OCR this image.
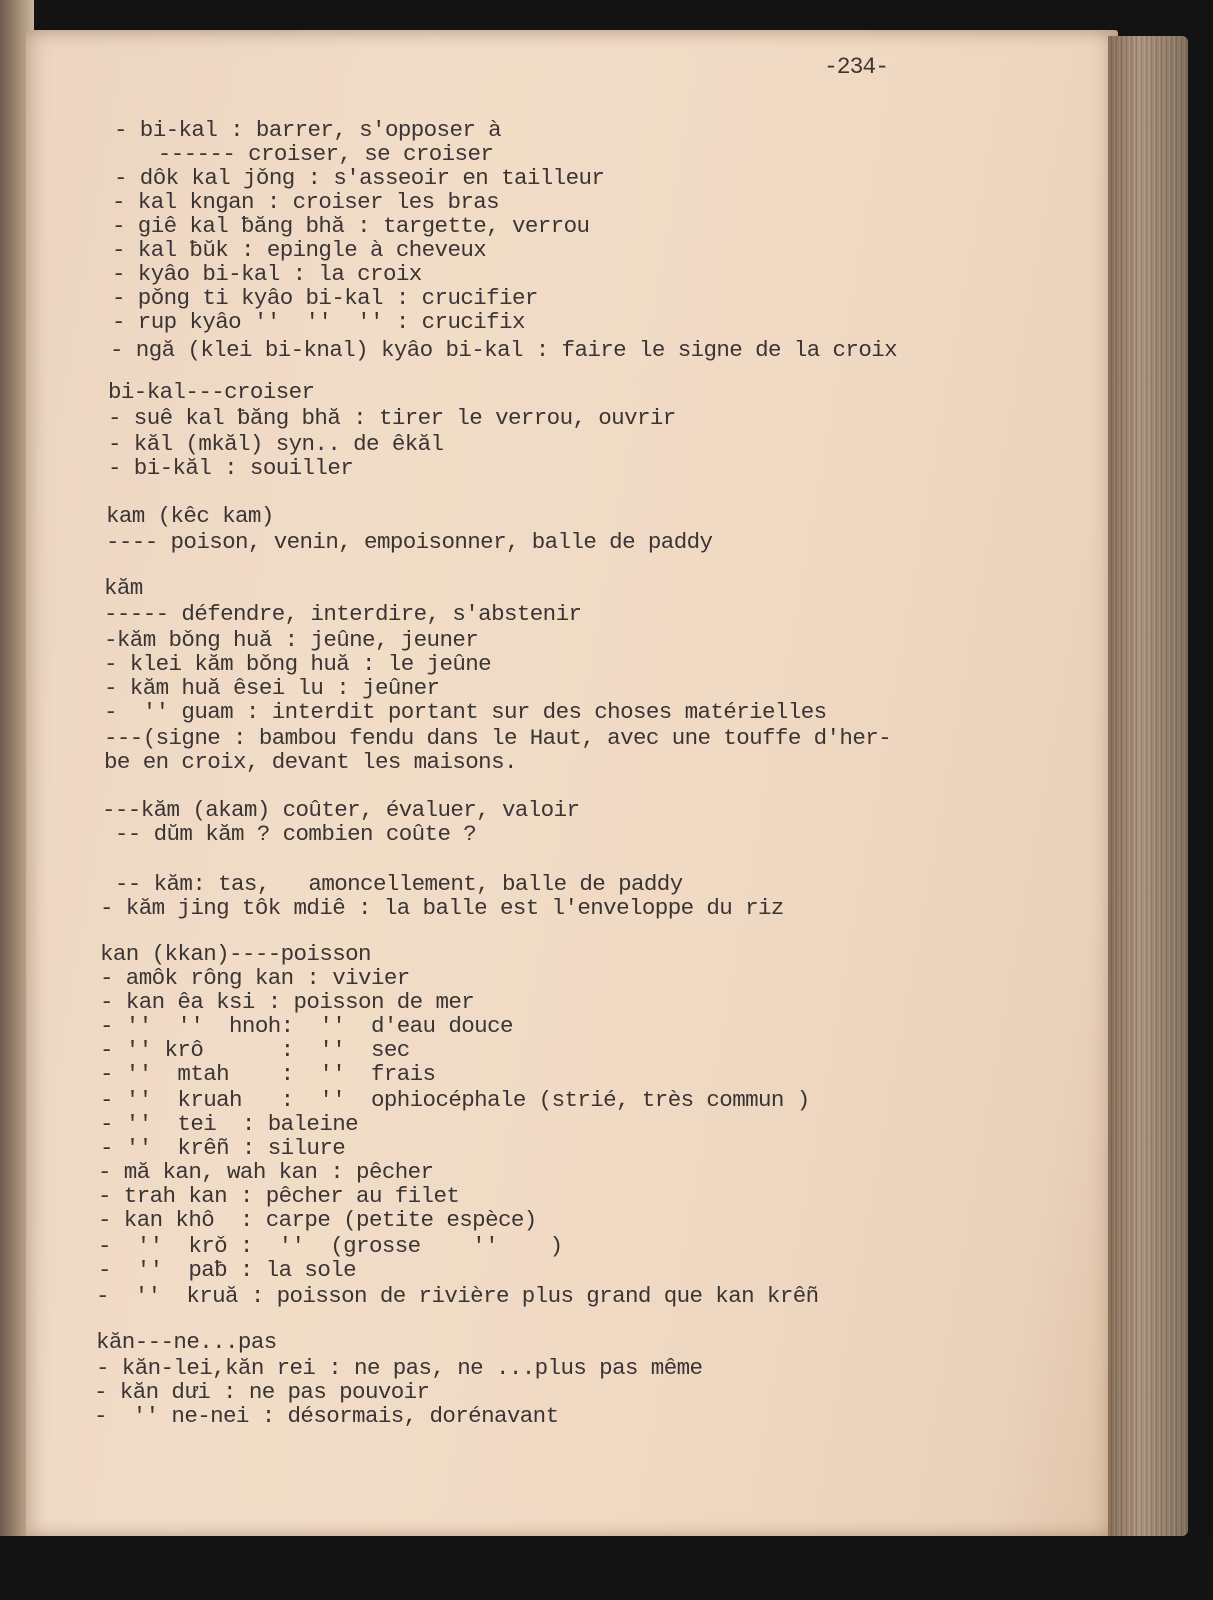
-234-

- bi-kal : barrer, s'opposer à

------ croiser, se croiser

- dôk kal jǒng : s'asseoir en tailleur

- kal kngan : croiser les bras

- giê kal ƀăng bhă : targette, verrou

- kal ƀŭk : epingle à cheveux

- kyâo bi-kal : la croix

- pǒng ti kyâo bi-kal : crucifier

- rup kyâo ''  ''  '' : crucifix

- ngă (klei bi-knal) kyâo bi-kal : faire le signe de la croix

bi-kal---croiser

- suê kal ƀăng bhă : tirer le verrou, ouvrir

- kăl (mkăl) syn.. de êkăl

- bi-kăl : souiller

kam (kêc kam)

---- poison, venin, empoisonner, balle de paddy

kăm

----- défendre, interdire, s'abstenir

-kăm bǒng huă : jeûne, jeuner

- klei kăm bǒng huă : le jeûne

- kăm huă êsei lu : jeûner

-  '' guam : interdit portant sur des choses matérielles

---(signe : bambou fendu dans le Haut, avec une touffe d'her-

be en croix, devant les maisons.

---kăm (akam) coûter, évaluer, valoir

-- dŭm kăm ? combien coûte ?

-- kăm: tas,   amoncellement, balle de paddy

- kăm jing tôk mdiê : la balle est l'enveloppe du riz

kan (kkan)----poisson

- amôk rông kan : vivier

- kan êa ksi : poisson de mer

- ''  ''  hnoh:  ''  d'eau douce

- '' krô      :  ''  sec

- ''  mtah    :  ''  frais

- ''  kruah   :  ''  ophiocéphale (strié, très commun )

- ''  tei  : baleine

- ''  krêñ : silure

- mă kan, wah kan : pêcher

- trah kan : pêcher au filet

- kan khô  : carpe (petite espèce)

-  ''  krǒ :  ''  (grosse    ''    )

-  ''  paƀ : la sole

-  ''  kruă : poisson de rivière plus grand que kan krêñ

kăn---ne...pas

- kăn-lei,kăn rei : ne pas, ne ...plus pas même

- kăn dưi : ne pas pouvoir

-  '' ne-nei : désormais, dorénavant
